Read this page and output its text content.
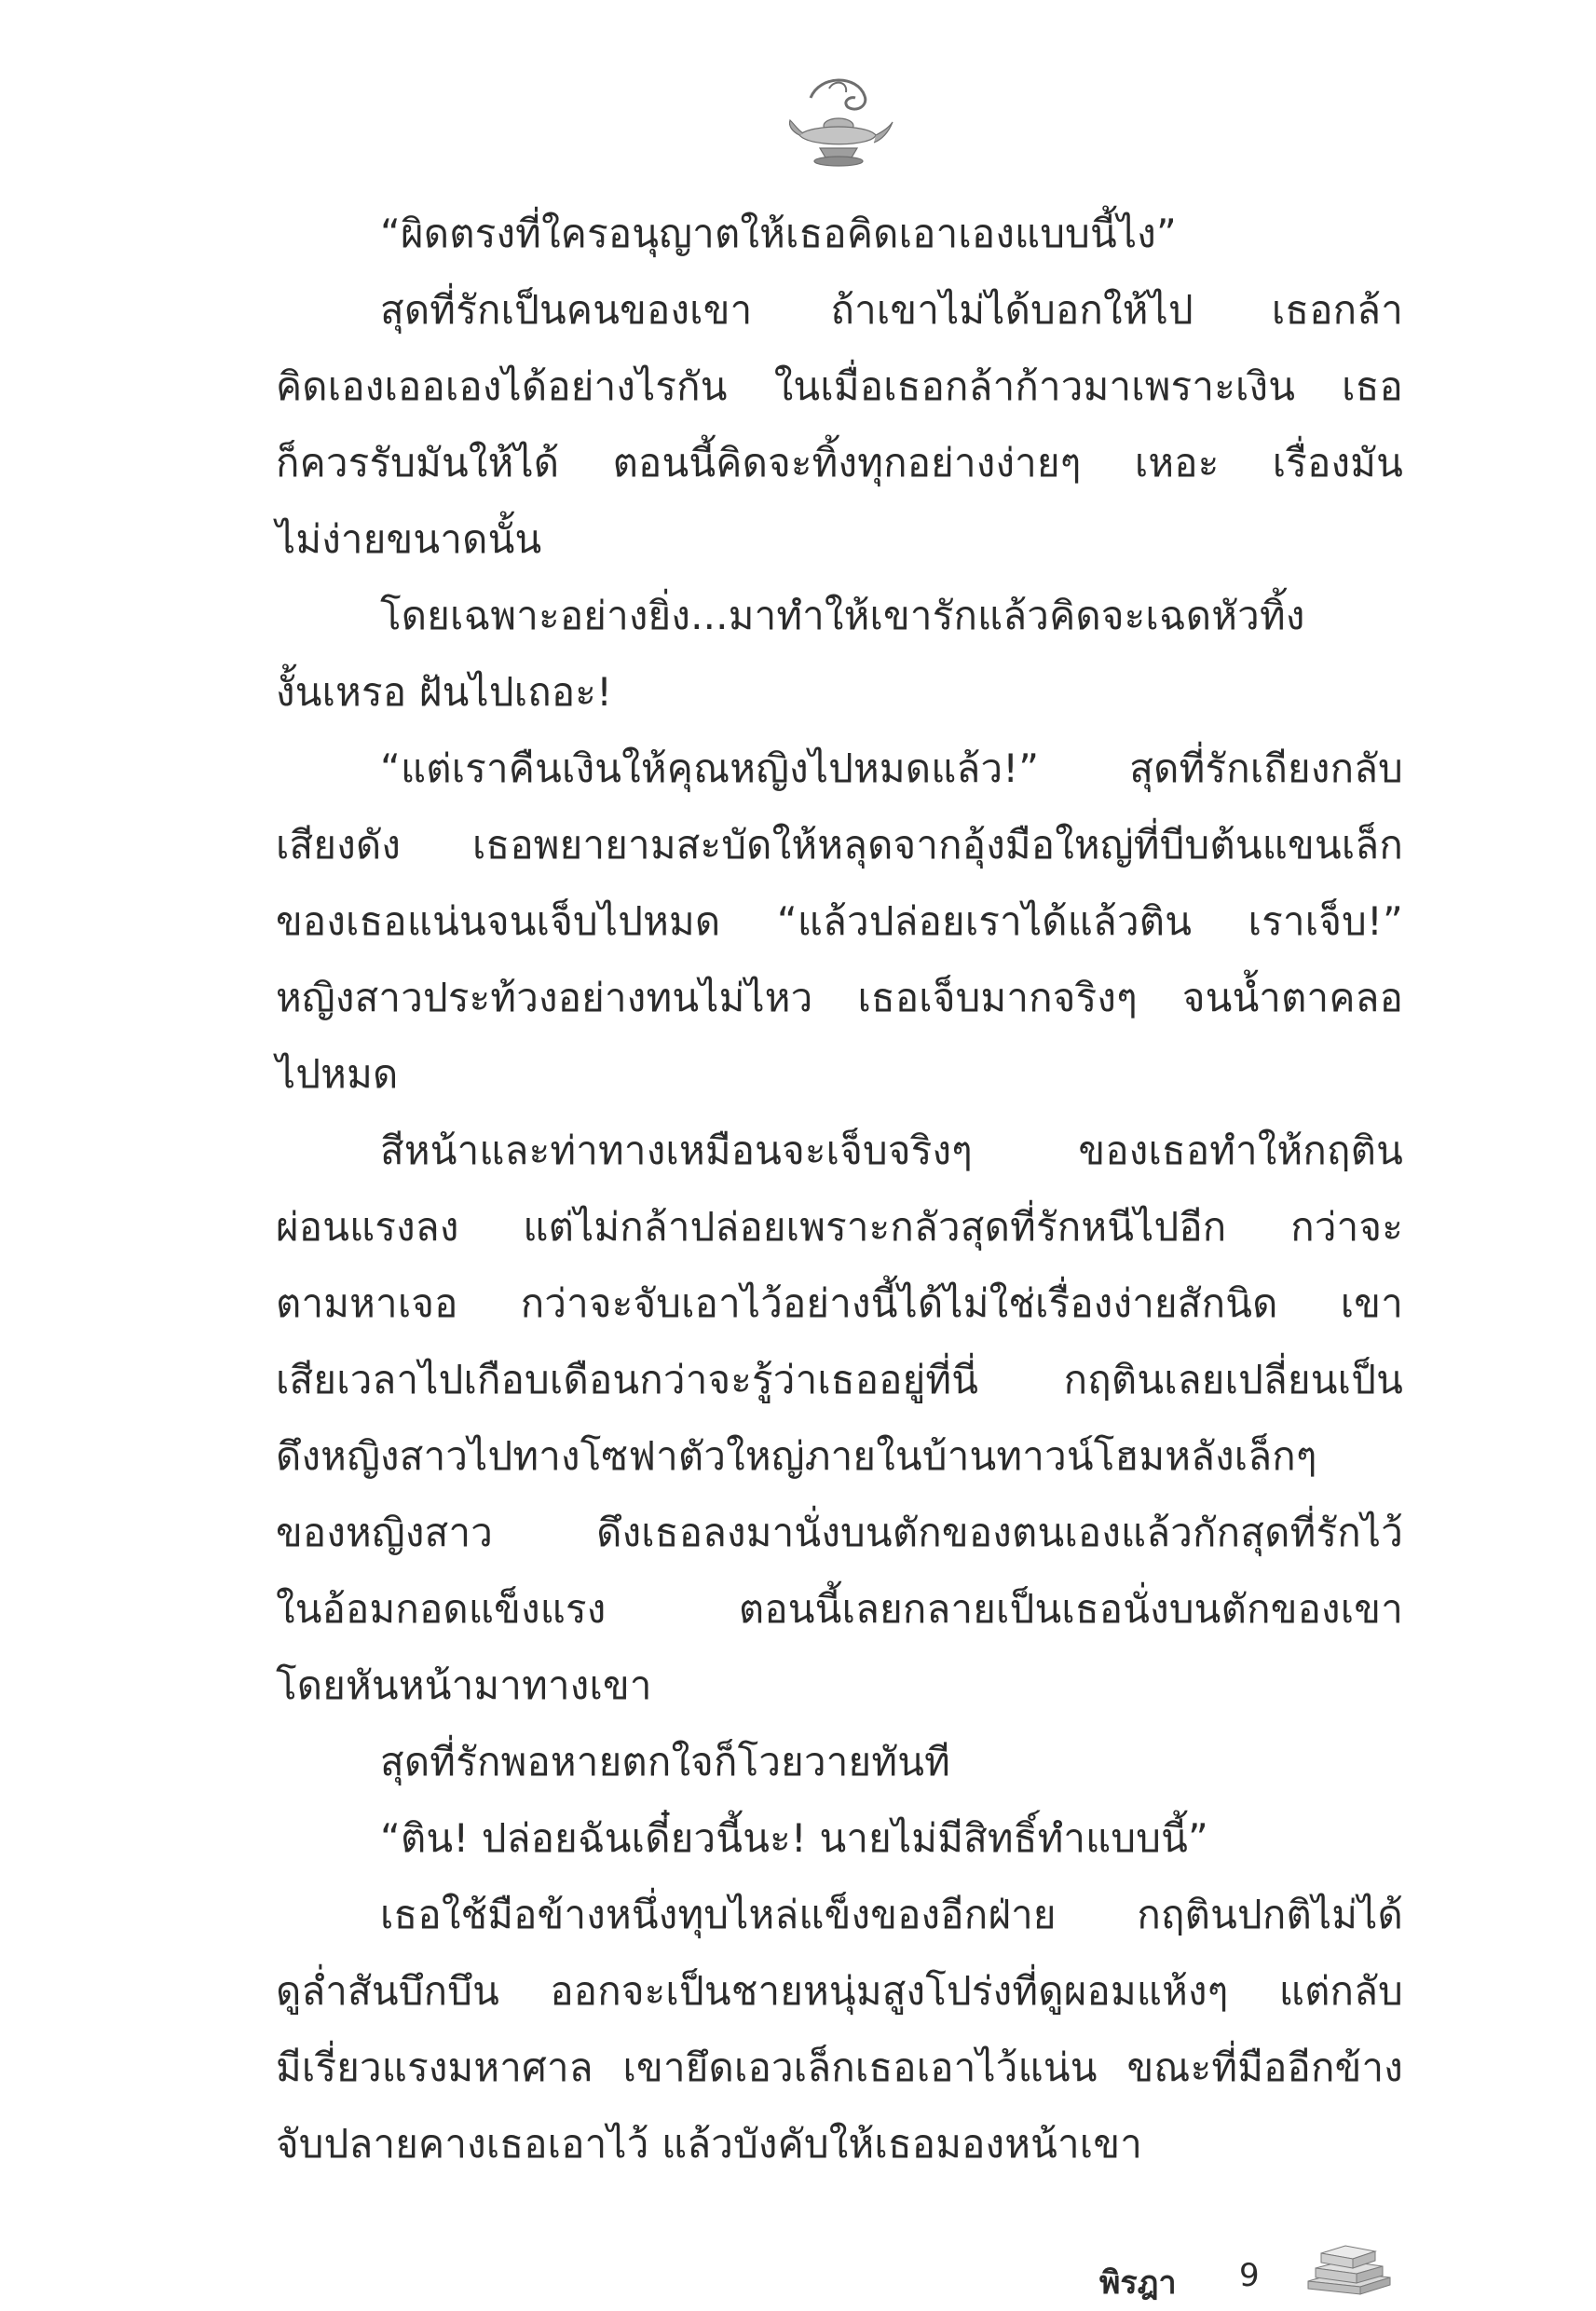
“ผิดตรงที่ใครอนุญาตให้เธอคิดเอาเองแบบนี้ไง”
สุดที่รักเป็นคนของเขา ถ้าเขาไม่ได้บอกให้ไป เธอกล้า
คิดเองเออเองได้อย่างไรกัน ในเมื่อเธอกล้าก้าวมาเพราะเงิน เธอ
ก็ควรรับมันให้ได้ ตอนนี้คิดจะทิ้งทุกอย่างง่ายๆ เหอะ เรื่องมัน
ไม่ง่ายขนาดนั้น
โดยเฉพาะอย่างยิ่ง...มาทำให้เขารักแล้วคิดจะเฉดหัวทิ้ง
งั้นเหรอ ฝันไปเถอะ!
“แต่เราคืนเงินให้คุณหญิงไปหมดแล้ว!” สุดที่รักเถียงกลับ
เสียงดัง เธอพยายามสะบัดให้หลุดจากอุ้งมือใหญ่ที่บีบต้นแขนเล็ก
ของเธอแน่นจนเจ็บไปหมด “แล้วปล่อยเราได้แล้วติน เราเจ็บ!”
หญิงสาวประท้วงอย่างทนไม่ไหว เธอเจ็บมากจริงๆ จนน้ำตาคลอ
ไปหมด
สีหน้าและท่าทางเหมือนจะเจ็บจริงๆ ของเธอทำให้กฤติน
ผ่อนแรงลง แต่ไม่กล้าปล่อยเพราะกลัวสุดที่รักหนีไปอีก กว่าจะ
ตามหาเจอ กว่าจะจับเอาไว้อย่างนี้ได้ไม่ใช่เรื่องง่ายสักนิด เขา
เสียเวลาไปเกือบเดือนกว่าจะรู้ว่าเธออยู่ที่นี่ กฤตินเลยเปลี่ยนเป็น
ดึงหญิงสาวไปทางโซฟาตัวใหญ่ภายในบ้านทาวน์โฮมหลังเล็กๆ
ของหญิงสาว ดึงเธอลงมานั่งบนตักของตนเองแล้วกักสุดที่รักไว้
ในอ้อมกอดแข็งแรง ตอนนี้เลยกลายเป็นเธอนั่งบนตักของเขา
โดยหันหน้ามาทางเขา
สุดที่รักพอหายตกใจก็โวยวายทันที
“ติน! ปล่อยฉันเดี๋ยวนี้นะ! นายไม่มีสิทธิ์ทำแบบนี้”
เธอใช้มือข้างหนึ่งทุบไหล่แข็งของอีกฝ่าย กฤตินปกติไม่ได้
ดูล่ำสันบึกบึน ออกจะเป็นชายหนุ่มสูงโปร่งที่ดูผอมแห้งๆ แต่กลับ
มีเรี่ยวแรงมหาศาล เขายึดเอวเล็กเธอเอาไว้แน่น ขณะที่มืออีกข้าง
จับปลายคางเธอเอาไว้ แล้วบังคับให้เธอมองหน้าเขา
พิรฎา 9
